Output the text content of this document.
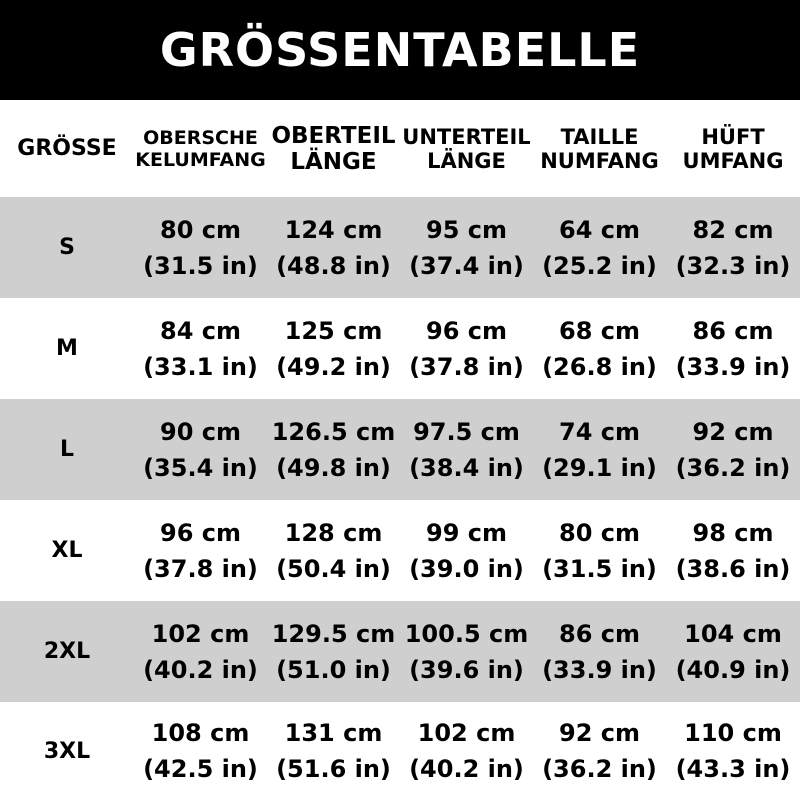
GRÖSSENTABELLE
GRÖSSE OBERSCHE
KELUMFANG
OBERTEIL
LÄNGE
UNTERTEIL
LÄNGE
TAILLE
NUMFANG
HÜFT
UMFANG
S
80 cm
(31.5 in)
124 cm
(48.8 in)
95 cm
(37.4 in)
64 cm
(25.2 in)
82 cm
(32.3 in)
M
84 cm
(33.1 in)
125 cm
(49.2 in)
96 cm
(37.8 in)
68 cm
(26.8 in)
86 cm
(33.9 in)
L
90 cm
(35.4 in)
126.5 cm
(49.8 in)
97.5 cm
(38.4 in)
74 cm
(29.1 in)
92 cm
(36.2 in)
XL
96 cm
(37.8 in)
128 cm
(50.4 in)
99 cm
(39.0 in)
80 cm
(31.5 in)
98 cm
(38.6 in)
2XL
102 cm
(40.2 in)
129.5 cm
(51.0 in)
100.5 cm
(39.6 in)
86 cm
(33.9 in)
104 cm
(40.9 in)
3XL
108 cm
(42.5 in)
131 cm
(51.6 in)
102 cm
(40.2 in)
92 cm
(36.2 in)
110 cm
(43.3 in)
